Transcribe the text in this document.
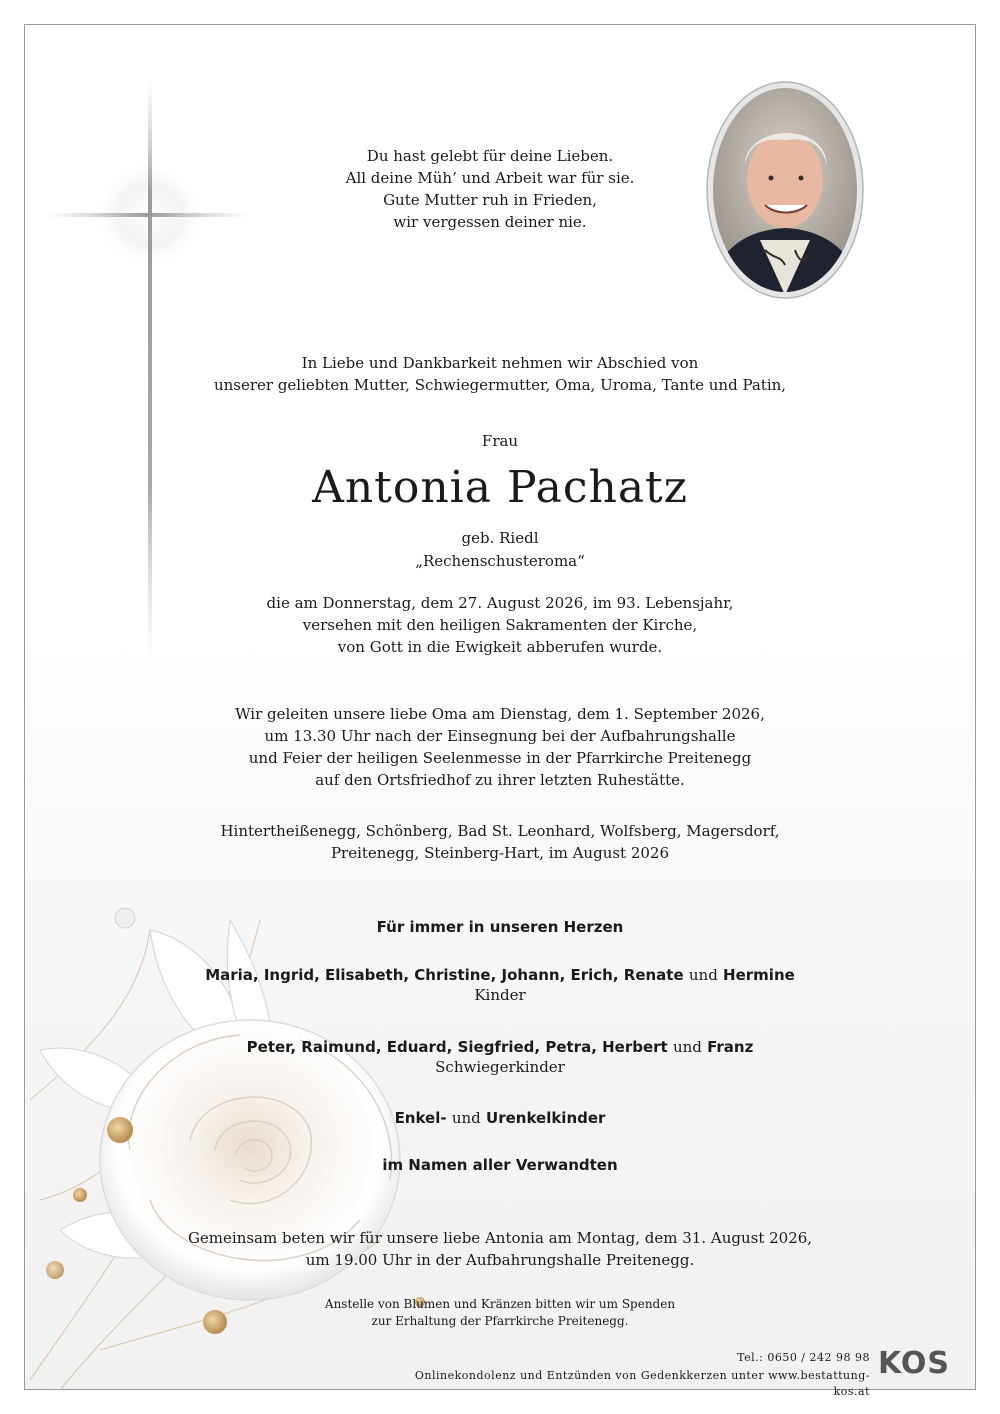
Du hast gelebt für deine Lieben.
All deine Müh’ und Arbeit war für sie.
Gute Mutter ruh in Frieden,
wir vergessen deiner nie.
In Liebe und Dankbarkeit nehmen wir Abschied von
unserer geliebten Mutter, Schwiegermutter, Oma, Uroma, Tante und Patin,
Frau
Antonia Pachatz
geb. Riedl
„Rechenschusteroma“
die am Donnerstag, dem 27. August 2026, im 93. Lebensjahr,
versehen mit den heiligen Sakramenten der Kirche,
von Gott in die Ewigkeit abberufen wurde.
Wir geleiten unsere liebe Oma am Dienstag, dem 1. September 2026,
um 13.30 Uhr nach der Einsegnung bei der Aufbahrungshalle
und Feier der heiligen Seelenmesse in der Pfarrkirche Preitenegg
auf den Ortsfriedhof zu ihrer letzten Ruhestätte.
Hintertheißenegg, Schönberg, Bad St. Leonhard, Wolfsberg, Magersdorf,
Preitenegg, Steinberg-Hart, im August 2026
Für immer in unseren Herzen
Maria, Ingrid, Elisabeth, Christine, Johann, Erich, Renate und Hermine
Kinder
Peter, Raimund, Eduard, Siegfried, Petra, Herbert und Franz
Schwiegerkinder
Enkel- und Urenkelkinder
im Namen aller Verwandten
Gemeinsam beten wir für unsere liebe Antonia am Montag, dem 31. August 2026,
um 19.00 Uhr in der Aufbahrungshalle Preitenegg.
Anstelle von Blumen und Kränzen bitten wir um Spenden
zur Erhaltung der Pfarrkirche Preitenegg.
Tel.: 0650 / 242 98 98
Onlinekondolenz und Entzünden von Gedenkkerzen unter www.bestattung-kos.at
KOS
